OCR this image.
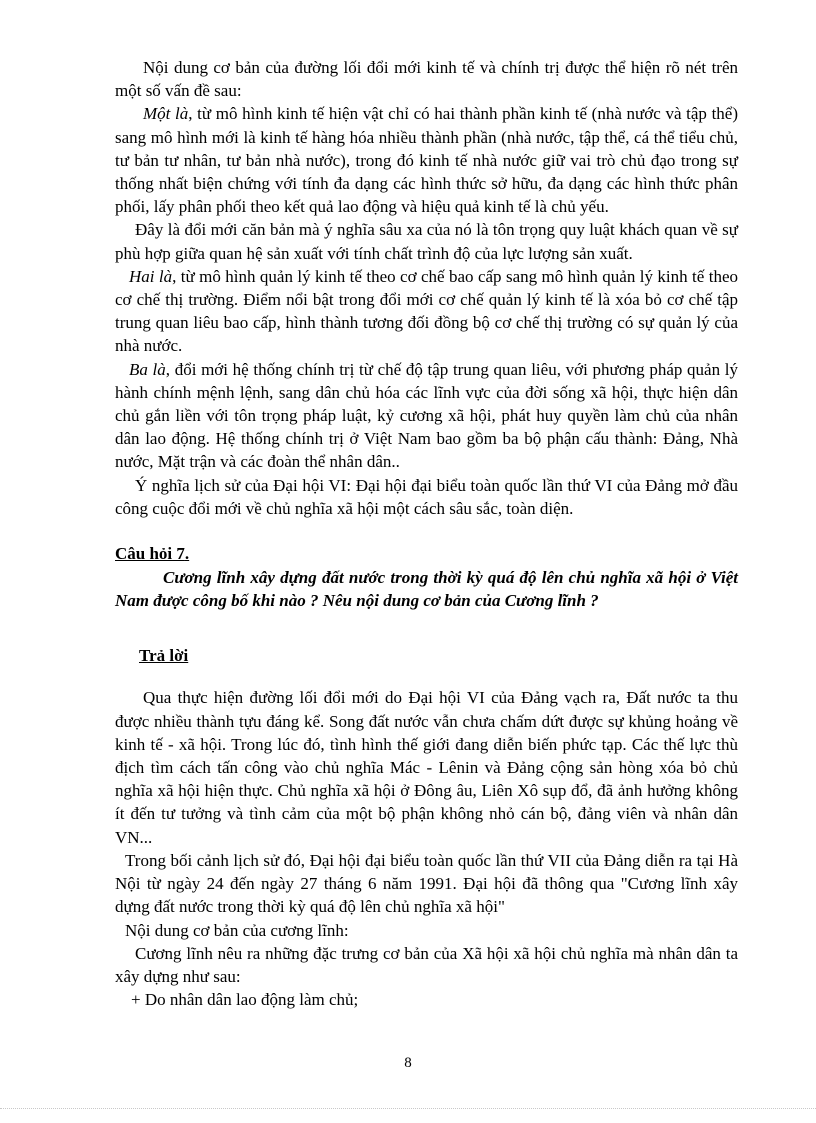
Nội dung cơ bản của đường lối đổi mới kinh tế và chính trị được thể hiện rõ nét trên một số vấn đề sau:

Một là, từ mô hình kinh tế hiện vật chỉ có hai thành phần kinh tế (nhà nước và tập thể) sang mô hình mới là kinh tế hàng hóa nhiều thành phần (nhà nước, tập thể, cá thể tiểu chủ, tư bản tư nhân, tư bản nhà nước), trong đó kinh tế nhà nước giữ vai trò chủ đạo trong sự thống nhất biện chứng với tính đa dạng các hình thức sở hữu, đa dạng các hình thức phân phối, lấy phân phối theo kết quả lao động và hiệu quả kinh tế là chủ yếu.

Đây là đổi mới căn bản mà ý nghĩa sâu xa của nó là tôn trọng quy luật khách quan về sự phù hợp giữa quan hệ sản xuất với tính chất trình độ của lực lượng sản xuất.

Hai là, từ mô hình quản lý kinh tế theo cơ chế bao cấp sang mô hình quản lý kinh tế theo cơ chế thị trường. Điểm nổi bật trong đổi mới cơ chế quản lý kinh tế là xóa bỏ cơ chế tập trung quan liêu bao cấp, hình thành tương đối đồng bộ cơ chế thị trường có sự quản lý của nhà nước.

Ba là, đổi mới hệ thống chính trị từ chế độ tập trung quan liêu, với phương pháp quản lý hành chính mệnh lệnh, sang dân chủ hóa các lĩnh vực của đời sống xã hội, thực hiện dân chủ gắn liền với tôn trọng pháp luật, kỷ cương xã hội, phát huy quyền làm chủ của nhân dân lao động. Hệ thống chính trị ở Việt Nam bao gồm ba bộ phận cấu thành: Đảng, Nhà nước, Mặt trận và các đoàn thể nhân dân..

Ý nghĩa lịch sử của Đại hội VI: Đại hội đại biểu toàn quốc lần thứ VI của Đảng mở đầu công cuộc đổi mới về chủ nghĩa xã hội một cách sâu sắc, toàn diện.

Câu hỏi 7.

Cương lĩnh xây dựng đất nước trong thời kỳ quá độ lên chủ nghĩa xã hội ở Việt Nam được công bố khi nào ? Nêu nội dung cơ bản của Cương lĩnh ?

Trả lời

Qua thực hiện đường lối đổi mới do Đại hội VI của Đảng vạch ra, Đất nước ta thu được nhiều thành tựu đáng kể. Song đất nước vẫn chưa chấm dứt được sự khủng hoảng về kinh tế - xã hội. Trong lúc đó, tình hình thế giới đang diễn biến phức tạp. Các thế lực thù địch tìm cách tấn công vào chủ nghĩa Mác - Lênin và Đảng cộng sản hòng xóa bỏ chủ nghĩa xã hội hiện thực. Chủ nghĩa xã hội ở Đông âu, Liên Xô sụp đổ, đã ảnh hưởng không ít đến tư tưởng và tình cảm của một bộ phận không nhỏ cán bộ, đảng viên và nhân dân VN...

Trong bối cảnh lịch sử đó, Đại hội đại biểu toàn quốc lần thứ VII của Đảng diễn ra tại Hà Nội từ ngày 24 đến ngày 27 tháng 6 năm 1991. Đại hội đã thông qua "Cương lĩnh xây dựng đất nước trong thời kỳ quá độ lên chủ nghĩa xã hội"

Nội dung cơ bản của cương lĩnh:

Cương lĩnh nêu ra những đặc trưng cơ bản của Xã hội xã hội chủ nghĩa mà nhân dân ta xây dựng như sau:

+ Do nhân dân lao động làm chủ;

8
